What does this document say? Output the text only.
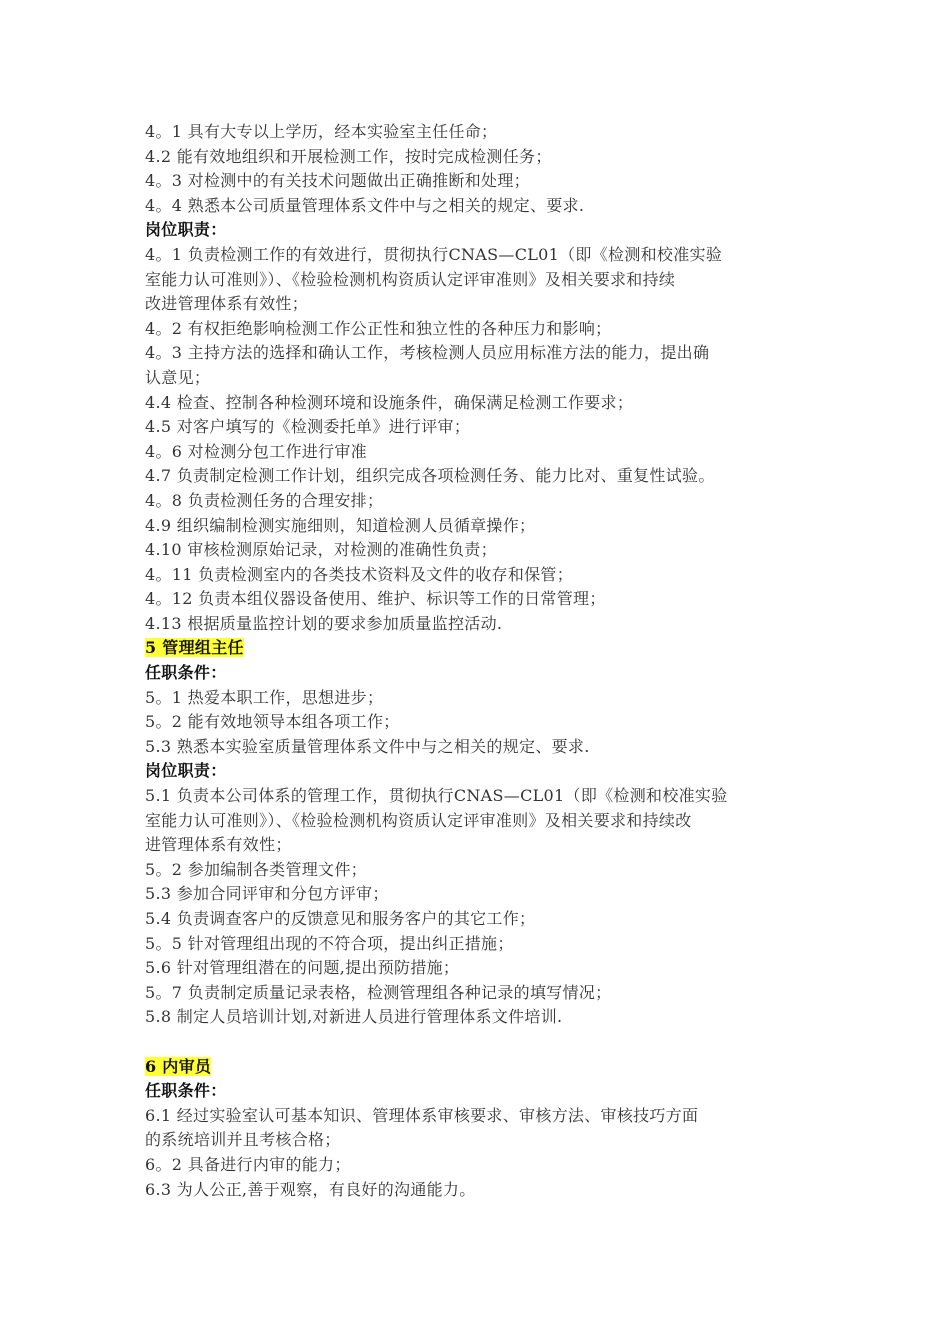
4。1 具有大专以上学历，经本实验室主任任命；
4.2 能有效地组织和开展检测工作，按时完成检测任务；
4。3 对检测中的有关技术问题做出正确推断和处理；
4。4 熟悉本公司质量管理体系文件中与之相关的规定、要求.
岗位职责：
4。1 负责检测工作的有效进行，贯彻执行CNAS—CL01（即《检测和校准实验
室能力认可准则》）、《检验检测机构资质认定评审准则》及相关要求和持续
改进管理体系有效性；
4。2 有权拒绝影响检测工作公正性和独立性的各种压力和影响；
4。3 主持方法的选择和确认工作，考核检测人员应用标准方法的能力，提出确
认意见；
4.4 检查、控制各种检测环境和设施条件，确保满足检测工作要求；
4.5 对客户填写的《检测委托单》进行评审；
4。6 对检测分包工作进行审准
4.7 负责制定检测工作计划，组织完成各项检测任务、能力比对、重复性试验。
4。8 负责检测任务的合理安排；
4.9 组织编制检测实施细则，知道检测人员循章操作；
4.10 审核检测原始记录，对检测的准确性负责；
4。11 负责检测室内的各类技术资料及文件的收存和保管；
4。12 负责本组仪器设备使用、维护、标识等工作的日常管理；
4.13 根据质量监控计划的要求参加质量监控活动.
5 管理组主任
任职条件：
5。1 热爱本职工作，思想进步；
5。2 能有效地领导本组各项工作；
5.3 熟悉本实验室质量管理体系文件中与之相关的规定、要求.
岗位职责：
5.1 负责本公司体系的管理工作，贯彻执行CNAS—CL01（即《检测和校准实验
室能力认可准则》）、《检验检测机构资质认定评审准则》及相关要求和持续改
进管理体系有效性；
5。2 参加编制各类管理文件；
5.3 参加合同评审和分包方评审；
5.4 负责调查客户的反馈意见和服务客户的其它工作；
5。5 针对管理组出现的不符合项，提出纠正措施；
5.6 针对管理组潜在的问题,提出预防措施；
5。7 负责制定质量记录表格，检测管理组各种记录的填写情况；
5.8 制定人员培训计划,对新进人员进行管理体系文件培训.
6 内审员
任职条件：
6.1 经过实验室认可基本知识、管理体系审核要求、审核方法、审核技巧方面
的系统培训并且考核合格；
6。2 具备进行内审的能力；
6.3 为人公正,善于观察，有良好的沟通能力。
